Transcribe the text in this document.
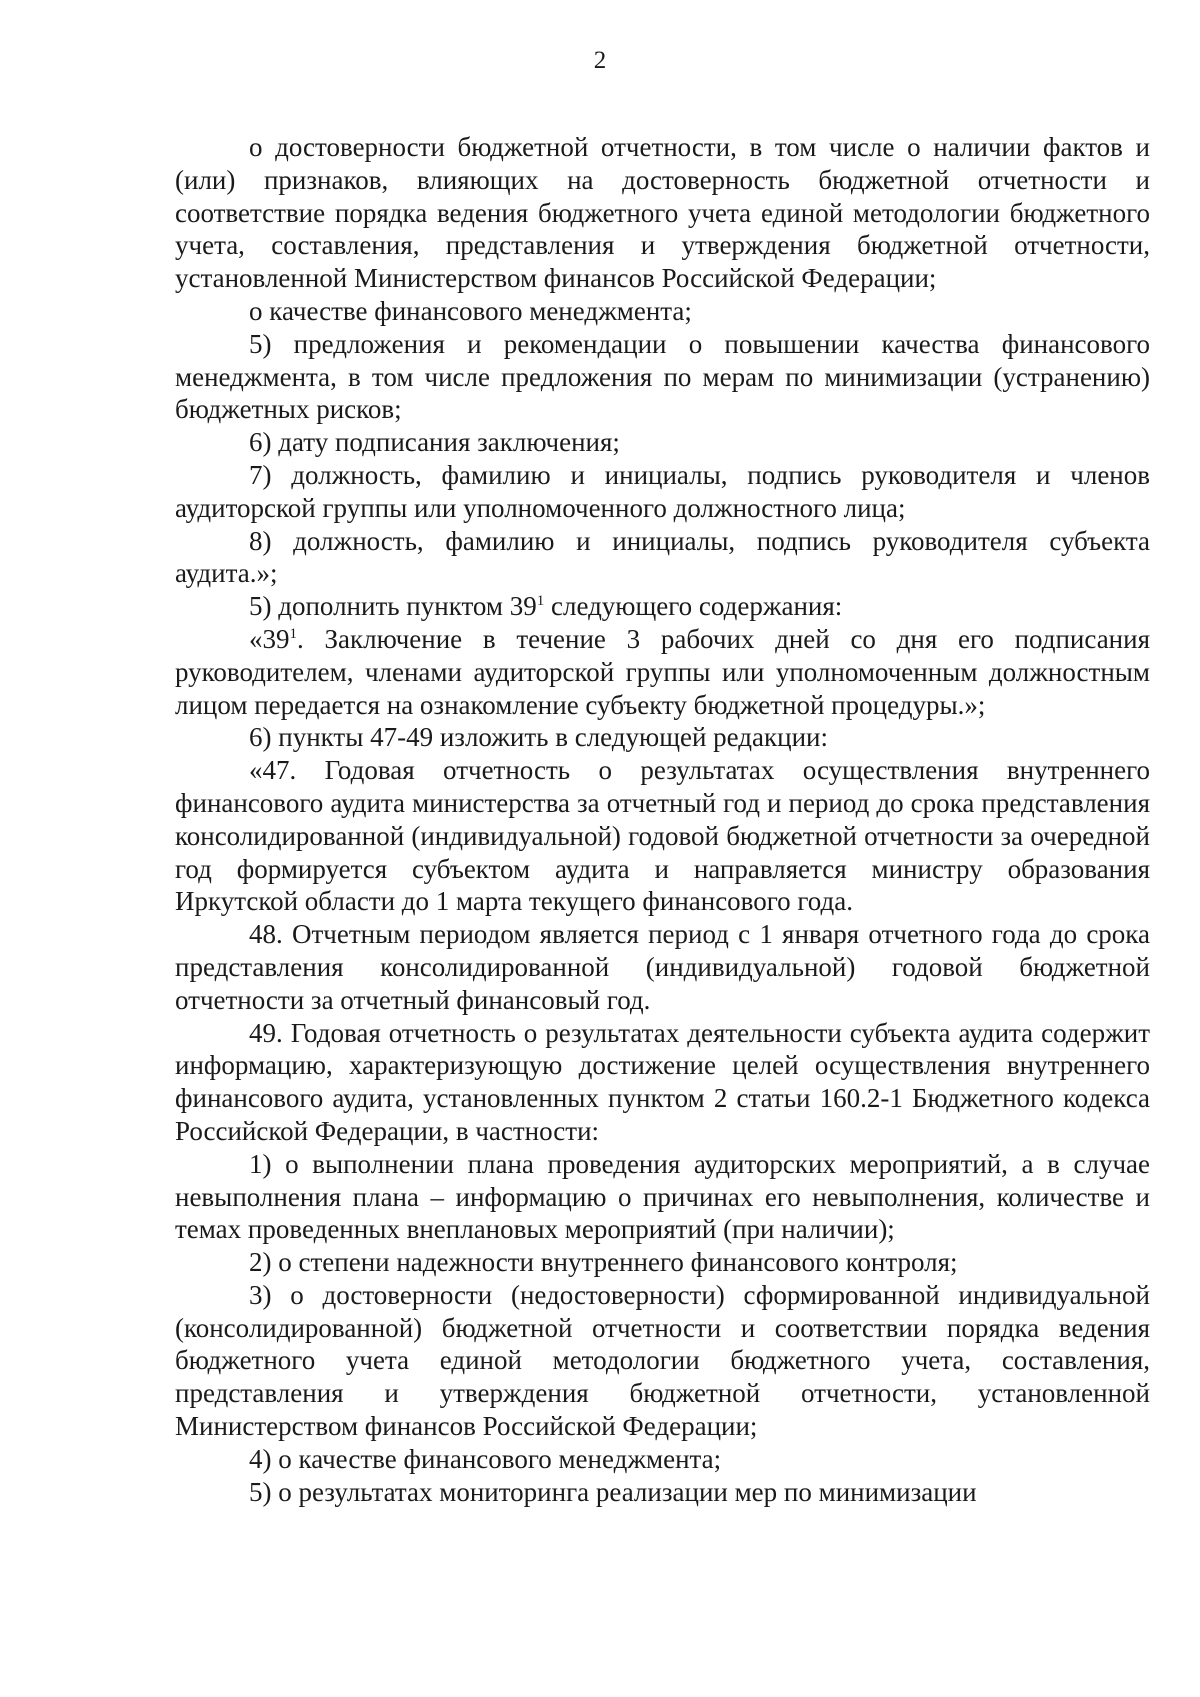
2

о достоверности бюджетной отчетности, в том числе о наличии фактов и (или) признаков, влияющих на достоверность бюджетной отчетности и соответствие порядка ведения бюджетного учета единой методологии бюджетного учета, составления, представления и утверждения бюджетной отчетности, установленной Министерством финансов Российской Федерации;

о качестве финансового менеджмента;

5) предложения и рекомендации о повышении качества финансового менеджмента, в том числе предложения по мерам по минимизации (устранению) бюджетных рисков;

6) дату подписания заключения;

7) должность, фамилию и инициалы, подпись руководителя и членов аудиторской группы или уполномоченного должностного лица;

8) должность, фамилию и инициалы, подпись руководителя субъекта аудита.»;

5) дополнить пунктом $39^1$ следующего содержания:

«$39^1$. Заключение в течение 3 рабочих дней со дня его подписания руководителем, членами аудиторской группы или уполномоченным должностным лицом передается на ознакомление субъекту бюджетной процедуры.»;

6) пункты 47-49 изложить в следующей редакции:

«47. Годовая отчетность о результатах осуществления внутреннего финансового аудита министерства за отчетный год и период до срока представления консолидированной (индивидуальной) годовой бюджетной отчетности за очередной год формируется субъектом аудита и направляется министру образования Иркутской области до 1 марта текущего финансового года.

48. Отчетным периодом является период с 1 января отчетного года до срока представления консолидированной (индивидуальной) годовой бюджетной отчетности за отчетный финансовый год.

49. Годовая отчетность о результатах деятельности субъекта аудита содержит информацию, характеризующую достижение целей осуществления внутреннего финансового аудита, установленных пунктом 2 статьи 160.2-1 Бюджетного кодекса Российской Федерации, в частности:

1) о выполнении плана проведения аудиторских мероприятий, а в случае невыполнения плана – информацию о причинах его невыполнения, количестве и темах проведенных внеплановых мероприятий (при наличии);

2) о степени надежности внутреннего финансового контроля;

3) о достоверности (недостоверности) сформированной индивидуальной (консолидированной) бюджетной отчетности и соответствии порядка ведения бюджетного учета единой методологии бюджетного учета, составления, представления и утверждения бюджетной отчетности, установленной Министерством финансов Российской Федерации;

4) о качестве финансового менеджмента;

5) о результатах мониторинга реализации мер по минимизации
